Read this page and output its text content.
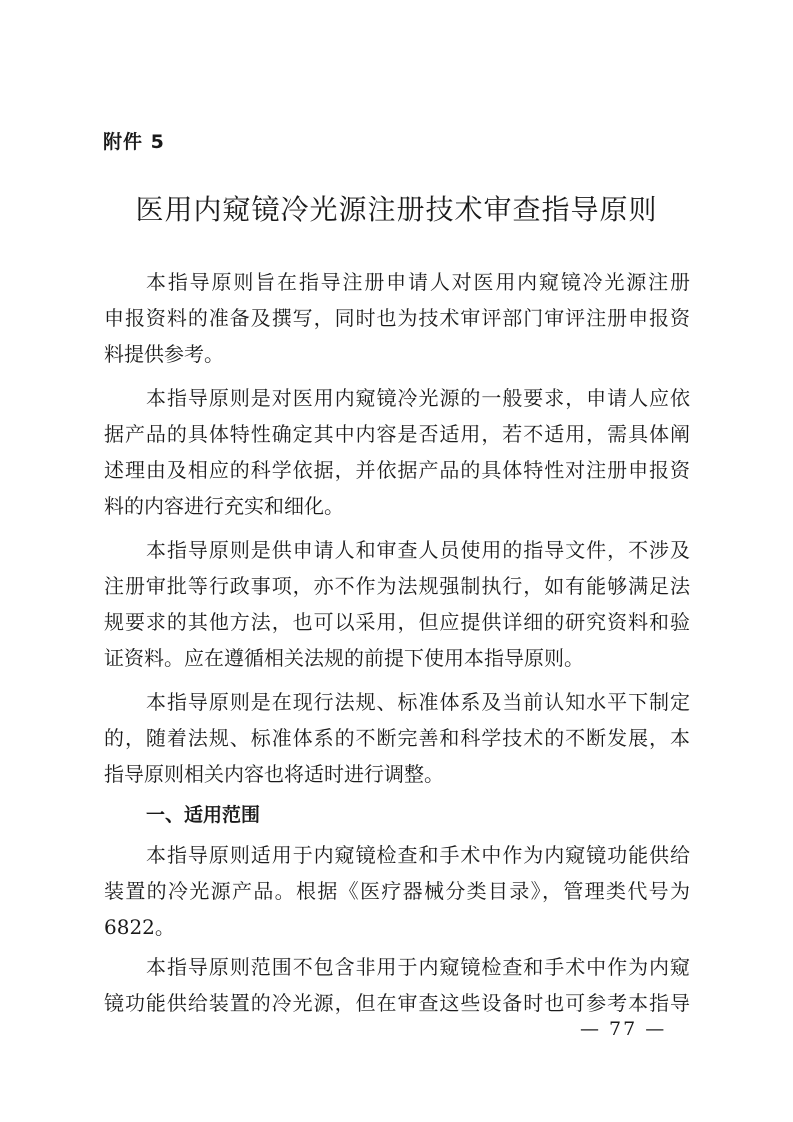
附件 5
医用内窥镜冷光源注册技术审查指导原则
本指导原则旨在指导注册申请人对医用内窥镜冷光源注册
申报资料的准备及撰写，同时也为技术审评部门审评注册申报资
料提供参考。
本指导原则是对医用内窥镜冷光源的一般要求，申请人应依
据产品的具体特性确定其中内容是否适用，若不适用，需具体阐
述理由及相应的科学依据，并依据产品的具体特性对注册申报资
料的内容进行充实和细化。
本指导原则是供申请人和审查人员使用的指导文件，不涉及
注册审批等行政事项，亦不作为法规强制执行，如有能够满足法
规要求的其他方法，也可以采用，但应提供详细的研究资料和验
证资料。应在遵循相关法规的前提下使用本指导原则。
本指导原则是在现行法规、标准体系及当前认知水平下制定
的，随着法规、标准体系的不断完善和科学技术的不断发展，本
指导原则相关内容也将适时进行调整。
一、适用范围
本指导原则适用于内窥镜检查和手术中作为内窥镜功能供给
装置的冷光源产品。根据《医疗器械分类目录》，管理类代号为
6822。
本指导原则范围不包含非用于内窥镜检查和手术中作为内窥
镜功能供给装置的冷光源，但在审查这些设备时也可参考本指导
— 77 —
